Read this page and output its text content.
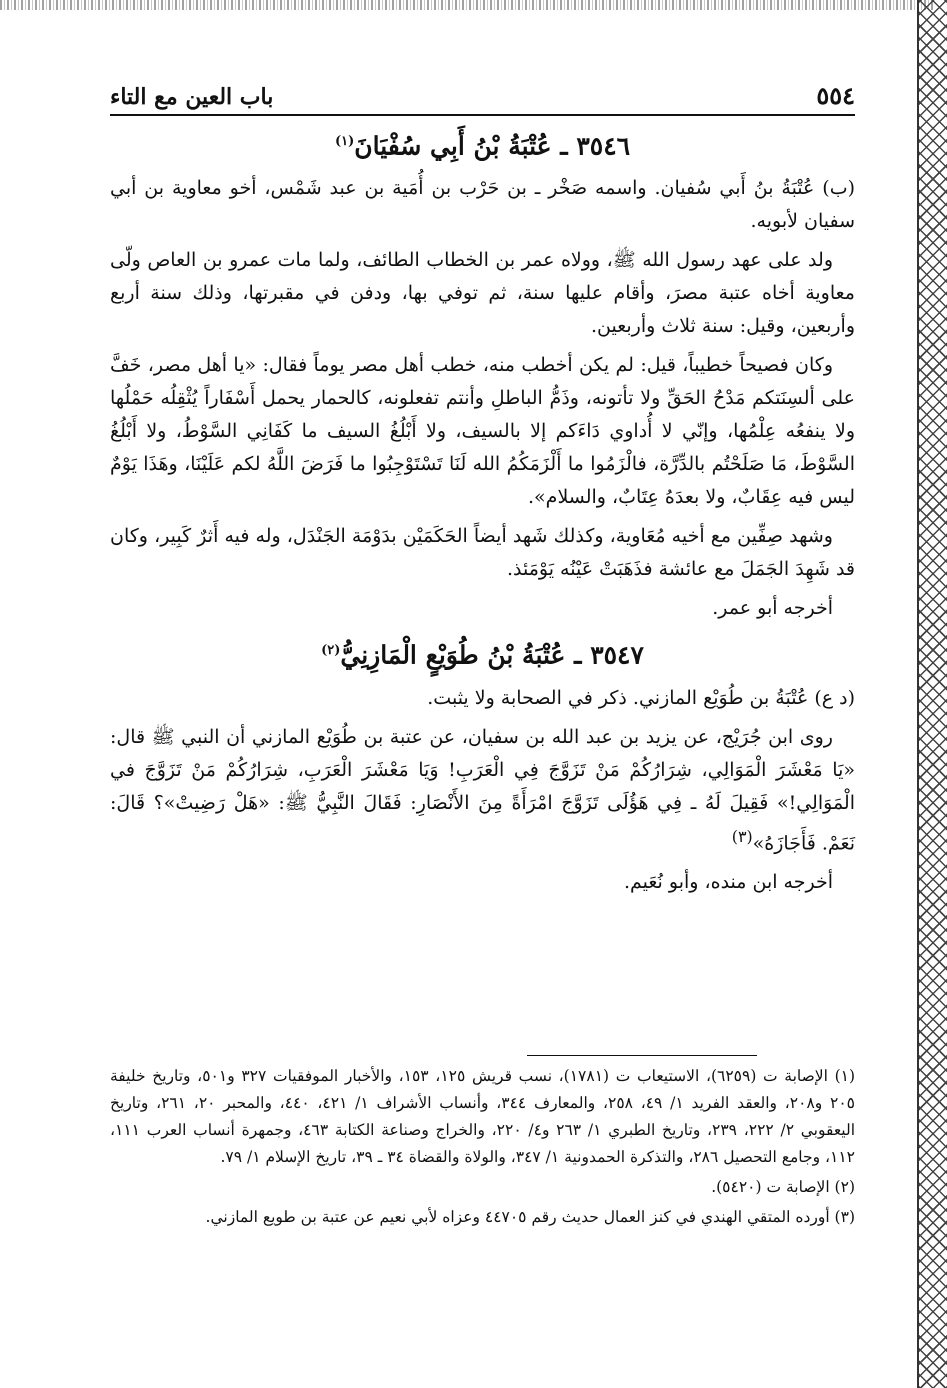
٥٥٤
باب العين مع التاء
٣٥٤٦ ـ عُتْبَةُ بْنُ أَبِي سُفْيَانَ$^{(١)}$

(ب) عُتْبَةُ بنُ أَبي سُفيان. واسمه صَخْر ـ بن حَرْب بن أُمَية بن عبد شَمْس، أخو معاوية بن أبي سفيان لأبويه.

ولد على عهد رسول الله ﷺ، وولاه عمر بن الخطاب الطائف، ولما مات عمرو بن العاص ولّى معاوية أخاه عتبة مصرَ، وأقام عليها سنة، ثم توفي بها، ودفن في مقبرتها، وذلك سنة أربع وأربعين، وقيل: سنة ثلاث وأربعين.

وكان فصيحاً خطيباً، قيل: لم يكن أخطب منه، خطب أهل مصر يوماً فقال: «يا أهل مصر، خَفَّ على ألسِنَتكم مَدْحُ الحَقِّ ولا تأتونه، وذَمُّ الباطلِ وأنتم تفعلونه، كالحمار يحمل أَسْفَاراً يُثْقِلُه حَمْلُها ولا ينفعُه عِلْمُها، وإنّي لا أُداوي دَاءَكم إلا بالسيف، ولا أَبْلُغُ السيف ما كَفَانِي السَّوْطُ، ولا أَبْلُغُ السَّوْطَ، مَا صَلَحْتُم بالدِّرَّة، فالْزَمُوا ما أَلْزَمَكُمُ الله لَنَا تَسْتَوْجِبُوا ما فَرَضَ اللَّهُ لكم عَلَيْنَا، وهَذَا يَوْمٌ ليس فيه عِقَابٌ، ولا بعدَهُ عِتَابٌ، والسلام».

وشهد صِفِّين مع أخيه مُعَاوية، وكذلك شَهد أيضاً الحَكَمَيْن بدَوْمَة الجَنْدَل، وله فيه أَثرٌ كَبِير، وكان قد شَهِدَ الجَمَلَ مع عائشة فذَهَبَتْ عَيْنُه يَوْمَئذ.

أخرجه أبو عمر.

٣٥٤٧ ـ عُتْبَةُ بْنُ طُوَيْعٍ الْمَازِنِيُّ$^{(٢)}$

(د ع) عُتْبَةُ بن طُوَيْع المازني. ذكر في الصحابة ولا يثبت.

روى ابن جُرَيْج، عن يزيد بن عبد الله بن سفيان، عن عتبة بن طُوَيْع المازني أن النبي ﷺ قال: «يَا مَعْشَرَ الْمَوَالِي، شِرَارُكُمْ مَنْ تَزَوَّجَ فِي الْعَرَبِ! وَيَا مَعْشَرَ الْعَرَبِ، شِرَارُكُمْ مَنْ تَزَوَّجَ في الْمَوَالِي!» فَقِيلَ لَهُ ـ فِي هَؤُلَى تَزَوَّجَ امْرَأَةً مِنَ الأَنْصَارِ: فَقَالَ النَّبِيُّ ﷺ: «هَلْ رَضِيتْ»؟ قَالَ: نَعَمْ. فَأَجَازَهُ»$^{(٣)}$

أخرجه ابن منده، وأبو نُعَيم.

(١) الإصابة ت (٦٢٥٩)، الاستيعاب ت (١٧٨١)، نسب قريش ١٢٥، ١٥٣، والأخبار الموفقيات ٣٢٧ و٥٠١، وتاريخ خليفة ٢٠٥ و٢٠٨، والعقد الفريد ١/ ٤٩، ٢٥٨، والمعارف ٣٤٤، وأنساب الأشراف ١/ ٤٢١، ٤٤٠، والمحبر ٢٠، ٢٦١، وتاريخ اليعقوبي ٢/ ٢٢٢، ٢٣٩، وتاريخ الطبري ١/ ٢٦٣ و٤/ ٢٢٠، والخراج وصناعة الكتابة ٤٦٣، وجمهرة أنساب العرب ١١١، ١١٢، وجامع التحصيل ٢٨٦، والتذكرة الحمدونية ١/ ٣٤٧، والولاة والقضاة ٣٤ ـ ٣٩، تاريخ الإسلام ١/ ٧٩.

(٢) الإصابة ت (٥٤٢٠).

(٣) أورده المتقي الهندي في كنز العمال حديث رقم ٤٤٧٠٥ وعزاه لأبي نعيم عن عتبة بن طويع المازني.
